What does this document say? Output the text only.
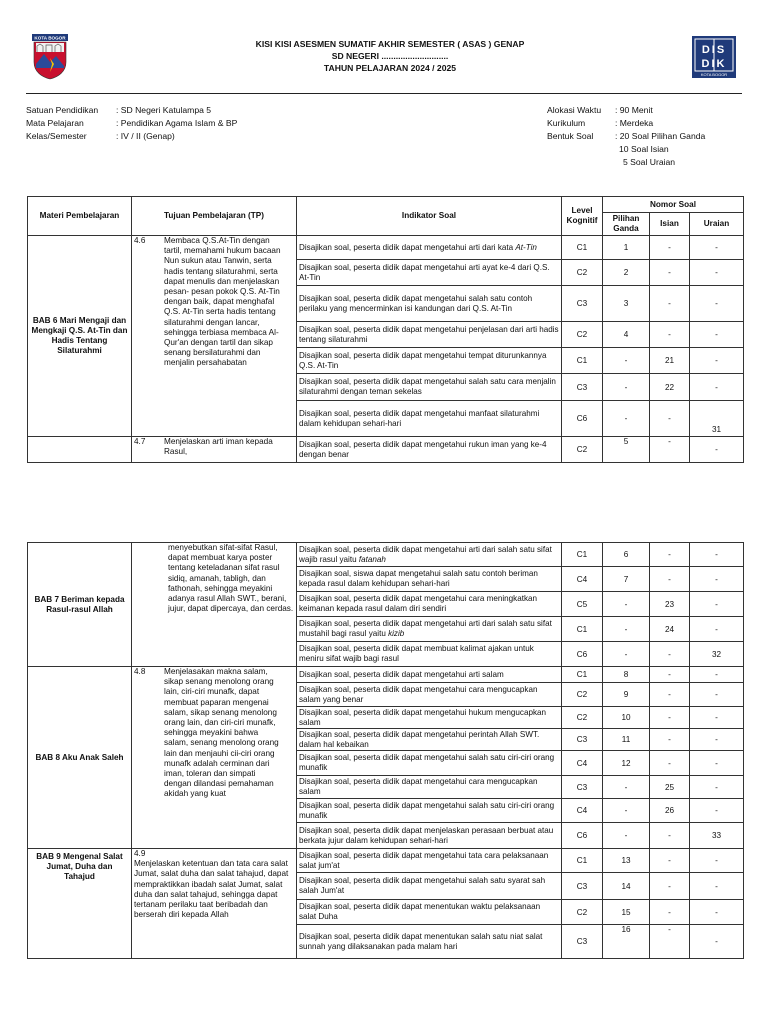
KOTA BOGOR
DIS
DIK
KOTA BOGOR
KISI KISI ASESMEN SUMATIF AKHIR SEMESTER ( ASAS ) GENAP
SD NEGERI ............................
TAHUN PELAJARAN 2024 / 2025
Satuan Pendidikan	: SD Negeri Katulampa 5
Mata Pelajaran	: Pendidikan Agama Islam & BP
Kelas/Semester	: IV / II (Genap)
Alokasi Waktu	: 90 Menit
Kurikulum	: Merdeka
Bentuk Soal	: 20 Soal Pilihan Ganda
10 Soal Isian
5 Soal Uraian
Materi Pembelajaran	Tujuan Pembelajaran (TP)	Indikator Soal	Level Kognitif	Nomor Soal		
				Pilihan Ganda	Isian	Uraian
BAB 6 Mari Mengaji dan Mengkaji Q.S. At-Tin dan Hadis Tentang Silaturahmi	4.6 Membaca Q.S.At-Tin dengan tartil, memahami hukum bacaan Nun sukun atau Tanwin, serta hadis tentang silaturahmi, serta dapat menulis dan menjelaskan pesan- pesan pokok Q.S. At-Tin dengan baik, dapat menghafal Q.S. At-Tin serta hadis tentang silaturahmi dengan lancar, sehingga terbiasa membaca Al-Qur'an dengan tartil dan sikap senang bersilaturahmi dan menjalin persahabatan	Disajikan soal, peserta didik dapat mengetahui arti dari kata At-Tin	C1	1	-	-
		Disajikan soal, peserta didik dapat mengetahui arti ayat ke-4 dari Q.S. At-Tin	C2	2	-	-
		Disajikan soal, peserta didik dapat mengetahui salah satu contoh perilaku yang mencerminkan isi kandungan dari Q.S. At-Tin	C3	3	-	-
		Disajikan soal, peserta didik dapat mengetahui penjelasan dari arti hadis tentang silaturahmi	C2	4	-	-
		Disajikan soal, peserta didik dapat mengetahui tempat diturunkannya Q.S. At-Tin	C1	-	21	-
		Disajikan soal, peserta didik dapat mengetahui salah satu cara menjalin silaturahmi dengan teman sekelas	C3	-	22	-
		Disajikan soal, peserta didik dapat mengetahui manfaat silaturahmi dalam kehidupan sehari-hari	C6	-	-	31
	4.7 Menjelaskan arti iman kepada Rasul,	Disajikan soal, peserta didik dapat mengetahui rukun iman yang ke-4 dengan benar	C2	5	-	-
BAB 7 Beriman kepada Rasul-rasul Allah	menyebutkan sifat-sifat Rasul, dapat membuat karya poster tentang keteladanan sifat rasul sidiq, amanah, tabligh, dan fathonah, sehingga meyakini adanya rasul Allah SWT., berani, jujur, dapat dipercaya, dan cerdas.	Disajikan soal, peserta didik dapat mengetahui arti dari salah satu sifat wajib rasul yaitu fatanah	C1	6	-	-
		Disajikan soal, siswa dapat mengetahui salah satu contoh beriman kepada rasul dalam kehidupan sehari-hari	C4	7	-	-
		Disajikan soal, peserta didik dapat mengetahui cara meningkatkan keimanan kepada rasul dalam diri sendiri	C5	-	23	-
		Disajikan soal, peserta didik dapat mengetahui arti dari salah satu sifat mustahil bagi rasul yaitu kizib	C1	-	24	-
		Disajikan soal, peserta didik dapat membuat kalimat ajakan untuk meniru sifat wajib bagi rasul	C6	-	-	32
BAB 8 Aku Anak Saleh	4.8 Menjelasakan makna salam, sikap senang menolong orang lain, ciri-ciri munafk, dapat membuat paparan mengenai salam, sikap senang menolong orang lain, dan ciri-ciri munafk, sehingga meyakini bahwa salam, senang menolong orang lain dan menjauhi cii-ciri orang munafk adalah cerminan dari iman, toleran dan simpati dengan dilandasi pemahaman akidah yang kuat	Disajikan soal, peserta didik dapat mengetahui arti salam	C1	8	-	-
		Disajikan soal, peserta didik dapat mengetahui cara mengucapkan salam yang benar	C2	9	-	-
		Disajikan soal, peserta didik dapat mengetahui hukum mengucapkan salam	C2	10	-	-
		Disajikan soal, peserta didik dapat mengetahui perintah Allah SWT. dalam hal kebaikan	C3	11	-	-
		Disajikan soal, peserta didik dapat mengetahui salah satu ciri-ciri orang munafik	C4	12	-	-
		Disajikan soal, peserta didik dapat mengetahui cara mengucapkan salam	C3	-	25	-
		Disajikan soal, peserta didik dapat mengetahui salah satu ciri-ciri orang munafik	C4	-	26	-
		Disajikan soal, peserta didik dapat menjelaskan perasaan berbuat atau berkata jujur dalam kehidupan sehari-hari	C6	-	-	33
BAB 9 Mengenal Salat Jumat, Duha dan Tahajud	4.9
Menjelaskan ketentuan dan tata cara salat Jumat, salat duha dan salat tahajud, dapat mempraktikkan ibadah salat Jumat, salat duha dan salat tahajud, sehingga dapat tertanam perilaku taat beribadah dan berserah diri kepada Allah	Disajikan soal, peserta didik dapat mengetahui tata cara pelaksanaan salat jum'at	C1	13	-	-
		Disajikan soal, peserta didik dapat mengetahui salah satu syarat sah salah Jum'at	C3	14	-	-
		Disajikan soal, peserta didik dapat menentukan waktu pelaksanaan salat Duha	C2	15	-	-
		Disajikan soal, peserta didik dapat menentukan salah satu niat salat sunnah yang dilaksanakan pada malam hari	C3	16	-	-
